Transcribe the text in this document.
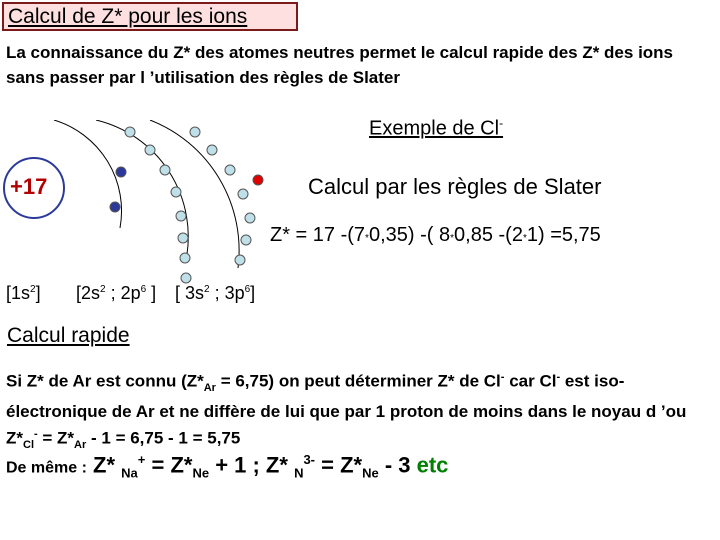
Calcul de Z* pour les ions
La connaissance du Z* des atomes neutres permet le calcul rapide des Z* des ions sans passer par l ’utilisation des règles de Slater
Exemple de Cl-
+17	Calcul par les règles de Slater
Z* = 17 -(7*0,35) -( 8*0,85 -(2*1) =5,75
$[1s^2]$ [$2s^2$ ; $2p^6$ ] [ $3s^2$ ; $3p^6$]
Calcul rapide
Si Z* de Ar est connu $(Z*_{Ar} = 6,75)$ on peut déterminer Z* de Cl- car Cl- est iso-électronique de Ar et ne diffère de lui que par 1 proton de moins dans le noyau d ’ou $Z*_{Cl}^- = Z*_{Ar} - 1 = 6,75 - 1 = 5,75$
De même : Z* $_{Na}^+ = Z*_{Ne} + 1$ ; Z* $_N^{3-} = Z*_{Ne} - 3$ etc
